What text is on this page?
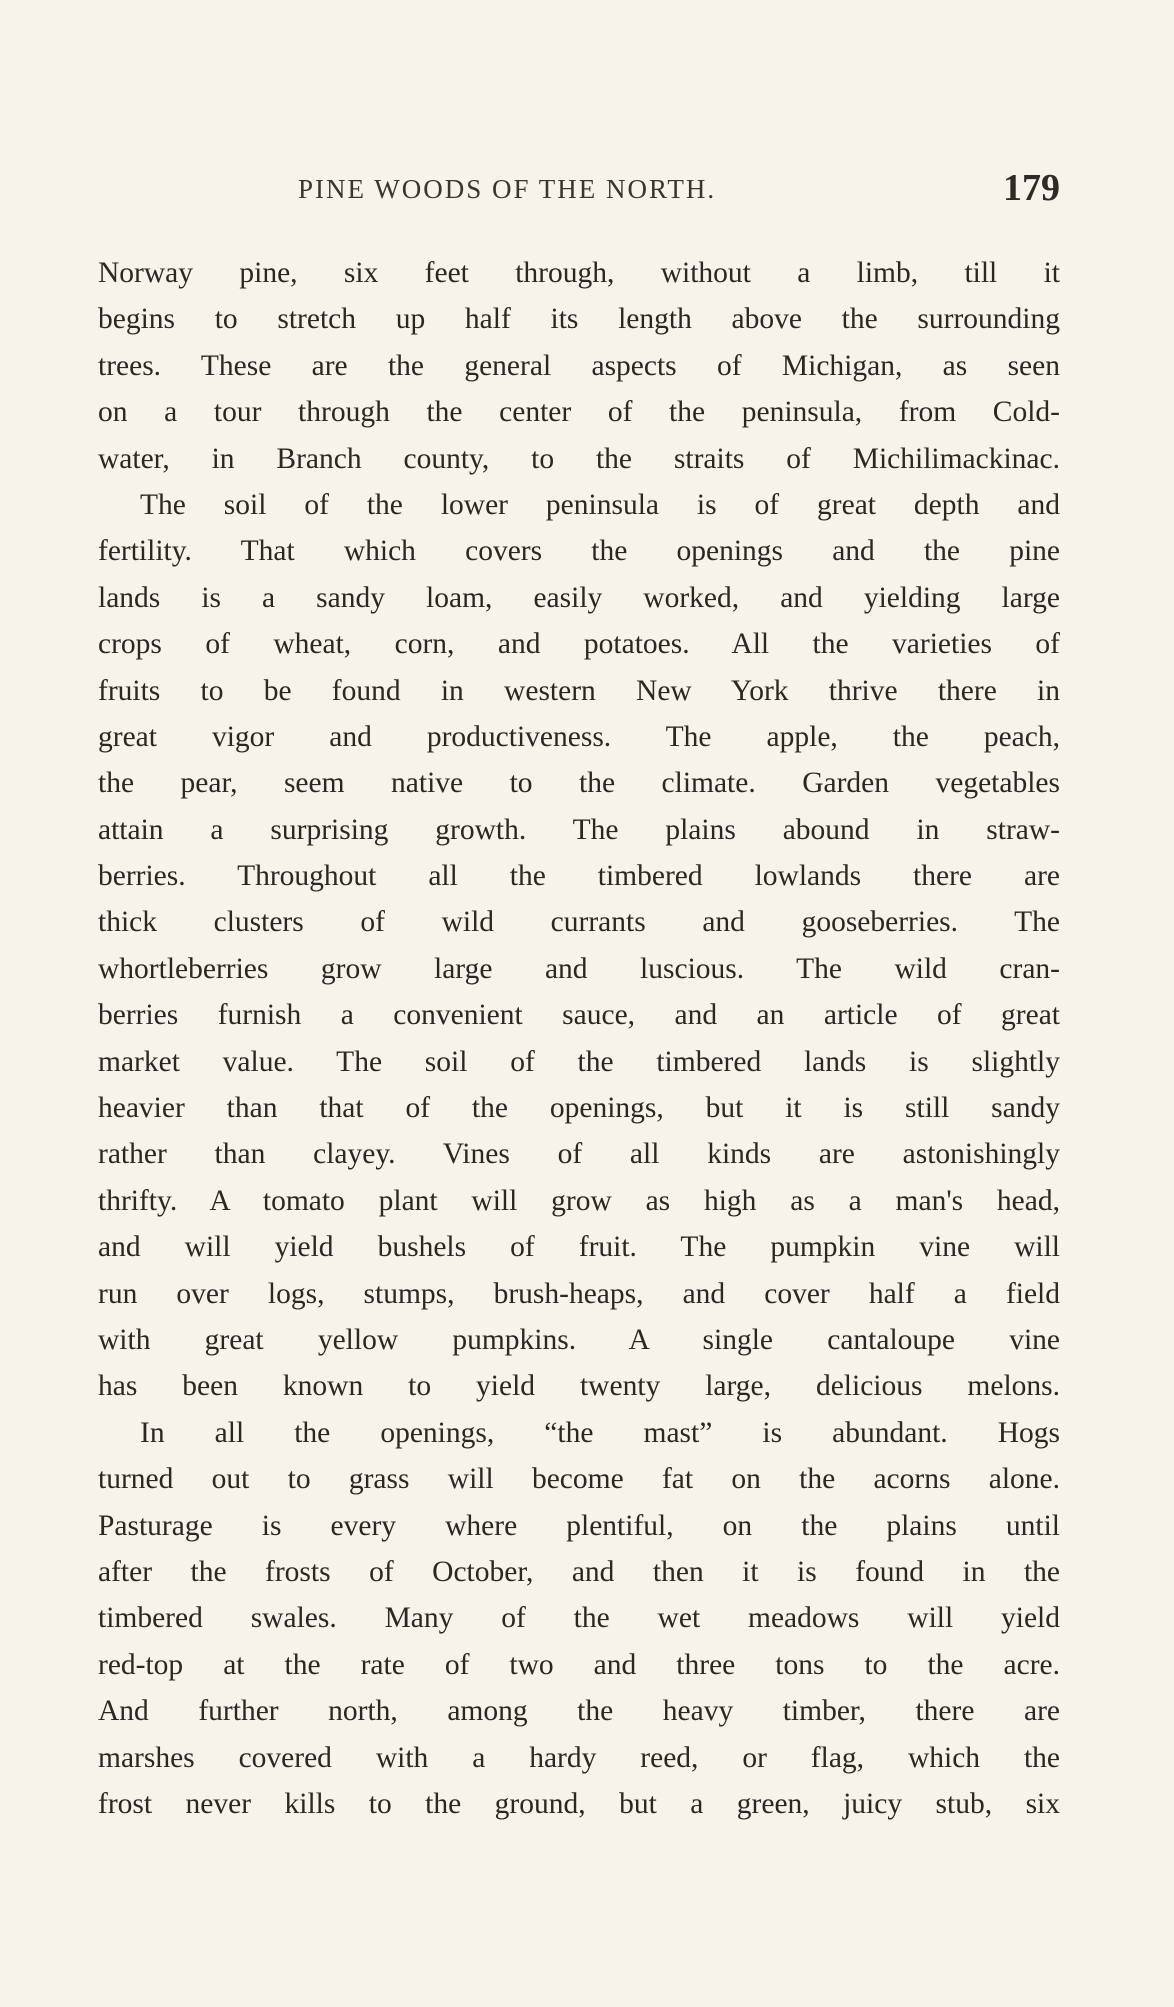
PINE WOODS OF THE NORTH.	179
Norway pine, six feet through, without a limb, till it
begins to stretch up half its length above the surrounding
trees. These are the general aspects of Michigan, as seen
on a tour through the center of the peninsula, from Cold-
water, in Branch county, to the straits of Michilimackinac.
The soil of the lower peninsula is of great depth and
fertility. That which covers the openings and the pine
lands is a sandy loam, easily worked, and yielding large
crops of wheat, corn, and potatoes. All the varieties of
fruits to be found in western New York thrive there in
great vigor and productiveness. The apple, the peach,
the pear, seem native to the climate. Garden vegetables
attain a surprising growth. The plains abound in straw-
berries. Throughout all the timbered lowlands there are
thick clusters of wild currants and gooseberries. The
whortleberries grow large and luscious. The wild cran-
berries furnish a convenient sauce, and an article of great
market value. The soil of the timbered lands is slightly
heavier than that of the openings, but it is still sandy
rather than clayey. Vines of all kinds are astonishingly
thrifty. A tomato plant will grow as high as a man's head,
and will yield bushels of fruit. The pumpkin vine will
run over logs, stumps, brush-heaps, and cover half a field
with great yellow pumpkins. A single cantaloupe vine
has been known to yield twenty large, delicious melons.
In all the openings, “the mast” is abundant. Hogs
turned out to grass will become fat on the acorns alone.
Pasturage is every where plentiful, on the plains until
after the frosts of October, and then it is found in the
timbered swales. Many of the wet meadows will yield
red-top at the rate of two and three tons to the acre.
And further north, among the heavy timber, there are
marshes covered with a hardy reed, or flag, which the
frost never kills to the ground, but a green, juicy stub, six
